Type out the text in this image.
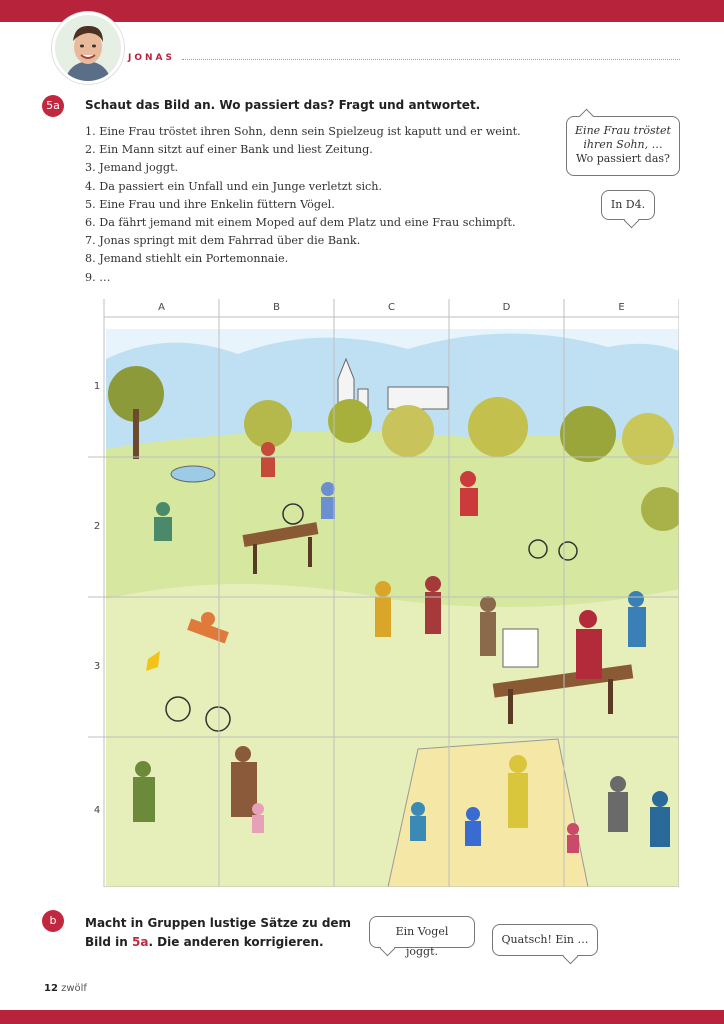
JONAS
5a	Schaut das Bild an. Wo passiert das? Fragt und antwortet.
1. Eine Frau tröstet ihren Sohn, denn sein Spielzeug ist kaputt und er weint.
2. Ein Mann sitzt auf einer Bank und liest Zeitung.
3. Jemand joggt.
4. Da passiert ein Unfall und ein Junge verletzt sich.
5. Eine Frau und ihre Enkelin füttern Vögel.
6. Da fährt jemand mit einem Moped auf dem Platz und eine Frau schimpft.
7. Jonas springt mit dem Fahrrad über die Bank.
8. Jemand stiehlt ein Portemonnaie.
9. …
Eine Frau tröstet
ihren Sohn, …
Wo passiert das?
In D4.
A	B	C	D	E
1
2
3
4
b	Macht in Gruppen lustige Sätze zu dem
Bild in 5a. Die anderen korrigieren.
Ein Vogel joggt.
Quatsch! Ein …
12 zwölf
